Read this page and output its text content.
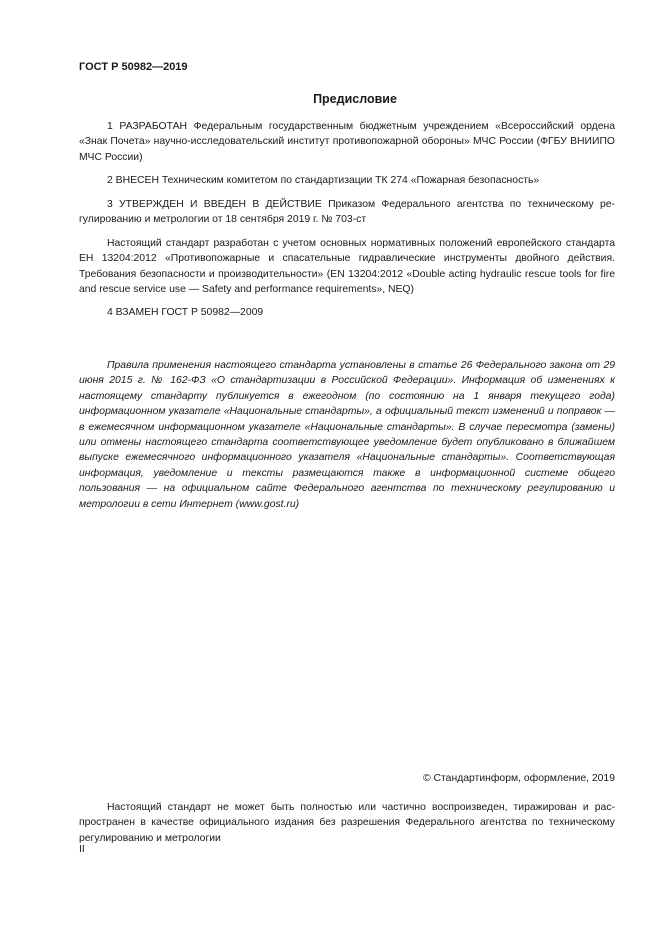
ГОСТ Р 50982—2019
Предисловие

1 РАЗРАБОТАН Федеральным государственным бюджетным учреждением «Всероссийский ордена «Знак Почета» научно-исследовательский институт противопожарной обороны» МЧС России (ФГБУ ВНИИПО МЧС России)

2 ВНЕСЕН Техническим комитетом по стандартизации ТК 274 «Пожарная безопасность»

3 УТВЕРЖДЕН И ВВЕДЕН В ДЕЙСТВИЕ Приказом Федерального агентства по техническому регулированию и метрологии от 18 сентября 2019 г. № 703-ст

Настоящий стандарт разработан с учетом основных нормативных положений европейского стандарта ЕН 13204:2012 «Противопожарные и спасательные гидравлические инструменты двойного действия. Требования безопасности и производительности» (EN 13204:2012 «Double acting hydraulic rescue tools for fire and rescue service use — Safety and performance requirements», NEQ)

4 ВЗАМЕН ГОСТ Р 50982—2009

Правила применения настоящего стандарта установлены в статье 26 Федерального закона от 29 июня 2015 г. № 162-ФЗ «О стандартизации в Российской Федерации». Информация об изменениях к настоящему стандарту публикуется в ежегодном (по состоянию на 1 января текущего года) информационном указателе «Национальные стандарты», а официальный текст изменений и поправок — в ежемесячном информационном указателе «Национальные стандарты». В случае пересмотра (замены) или отмены настоящего стандарта соответствующее уведомление будет опубликовано в ближайшем выпуске ежемесячного информационного указателя «Национальные стандарты». Соответствующая информация, уведомление и тексты размещаются также в информационной системе общего пользования — на официальном сайте Федерального агентства по техническому регулированию и метрологии в сети Интернет (www.gost.ru)

© Стандартинформ, оформление, 2019

Настоящий стандарт не может быть полностью или частично воспроизведен, тиражирован и распространен в качестве официального издания без разрешения Федерального агентства по техническому регулированию и метрологии

II
